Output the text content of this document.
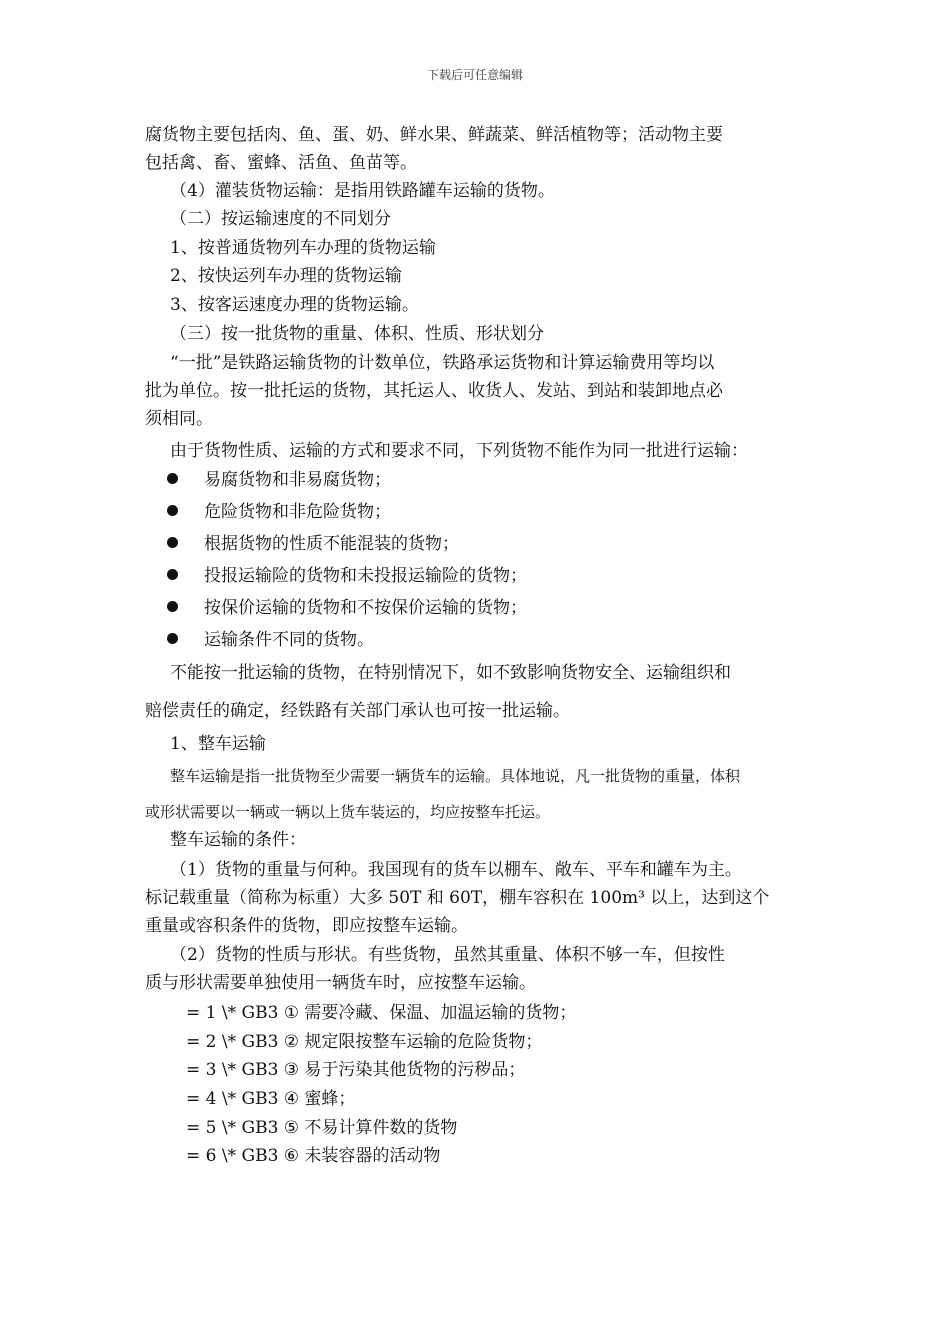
下载后可任意编辑
腐货物主要包括肉、鱼、蛋、奶、鲜水果、鲜蔬菜、鲜活植物等；活动物主要
包括禽、畜、蜜蜂、活鱼、鱼苗等。
（4）灌装货物运输：是指用铁路罐车运输的货物。
（二）按运输速度的不同划分
1、按普通货物列车办理的货物运输
2、按快运列车办理的货物运输
3、按客运速度办理的货物运输。
（三）按一批货物的重量、体积、性质、形状划分
“一批”是铁路运输货物的计数单位，铁路承运货物和计算运输费用等均以
批为单位。按一批托运的货物，其托运人、收货人、发站、到站和装卸地点必
须相同。
由于货物性质、运输的方式和要求不同，下列货物不能作为同一批进行运输：
易腐货物和非易腐货物；
危险货物和非危险货物；
根据货物的性质不能混装的货物；
投报运输险的货物和未投报运输险的货物；
按保价运输的货物和不按保价运输的货物；
运输条件不同的货物。
不能按一批运输的货物，在特别情况下，如不致影响货物安全、运输组织和
赔偿责任的确定，经铁路有关部门承认也可按一批运输。
1、整车运输
整车运输是指一批货物至少需要一辆货车的运输。具体地说，凡一批货物的重量，体积
或形状需要以一辆或一辆以上货车装运的，均应按整车托运。
整车运输的条件：
（1）货物的重量与何种。我国现有的货车以棚车、敞车、平车和罐车为主。
标记载重量（简称为标重）大多 50T 和 60T，棚车容积在 100m³ 以上，达到这个
重量或容积条件的货物，即应按整车运输。
（2）货物的性质与形状。有些货物，虽然其重量、体积不够一车，但按性
质与形状需要单独使用一辆货车时，应按整车运输。
= 1 \* GB3 ① 需要冷藏、保温、加温运输的货物；
= 2 \* GB3 ② 规定限按整车运输的危险货物；
= 3 \* GB3 ③ 易于污染其他货物的污秽品；
= 4 \* GB3 ④ 蜜蜂；
= 5 \* GB3 ⑤ 不易计算件数的货物
= 6 \* GB3 ⑥ 未装容器的活动物
